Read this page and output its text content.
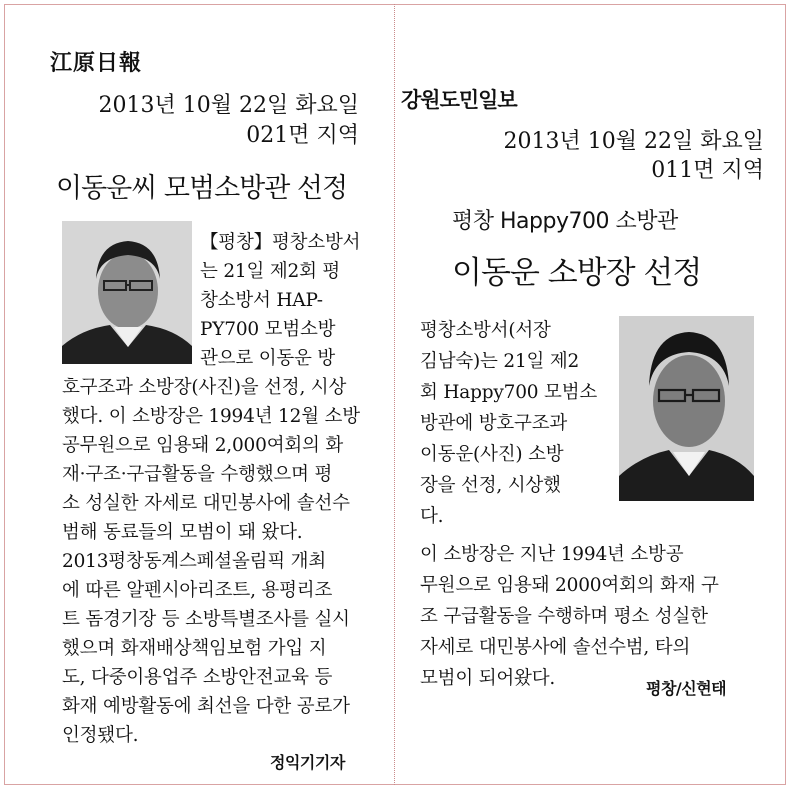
江原日報
2013년 10월 22일 화요일
021면 지역
이동운씨 모범소방관 선정
【평창】평창소방서
는 21일 제2회 평
창소방서 HAP-
PY700 모범소방
관으로 이동운 방
호구조과 소방장(사진)을 선정, 시상
했다. 이 소방장은 1994년 12월 소방
공무원으로 임용돼 2,000여회의 화
재·구조·구급활동을 수행했으며 평
소 성실한 자세로 대민봉사에 솔선수
범해 동료들의 모범이 돼 왔다.
2013평창동계스페셜올림픽 개최
에 따른 알펜시아리조트, 용평리조
트 돔경기장 등 소방특별조사를 실시
했으며 화재배상책임보험 가입 지
도, 다중이용업주 소방안전교육 등
화재 예방활동에 최선을 다한 공로가
인정됐다.
정익기기자
강원도민일보
2013년 10월 22일 화요일
011면 지역
평창 Happy700 소방관
이동운 소방장 선정
평창소방서(서장
김남숙)는 21일 제2
회 Happy700 모범소
방관에 방호구조과
이동운(사진) 소방
장을 선정, 시상했
다.
이 소방장은 지난 1994년 소방공
무원으로 임용돼 2000여회의 화재 구
조 구급활동을 수행하며 평소 성실한
자세로 대민봉사에 솔선수범, 타의
모범이 되어왔다.	평창/신현태
